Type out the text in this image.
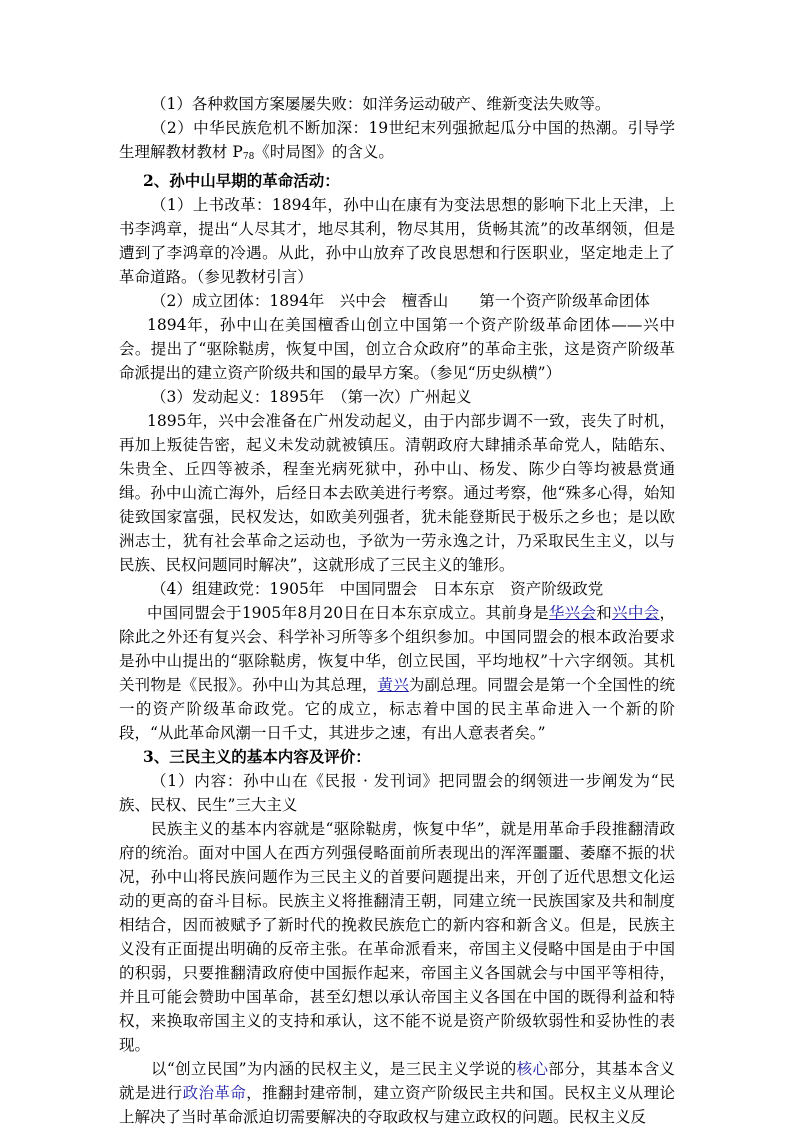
（1）各种救国方案屡屡失败：如洋务运动破产、维新变法失败等。

（2）中华民族危机不断加深：19世纪末列强掀起瓜分中国的热潮。引导学生理解教材教材 $P_{78}$《时局图》的含义。

2、孙中山早期的革命活动：

（1）上书改革：1894年，孙中山在康有为变法思想的影响下北上天津，上书李鸿章，提出“人尽其才，地尽其利，物尽其用，货畅其流”的改革纲领，但是遭到了李鸿章的冷遇。从此，孙中山放弃了改良思想和行医职业，坚定地走上了革命道路。（参见教材引言）

（2）成立团体：1894年　兴中会　檀香山　　第一个资产阶级革命团体

1894年，孙中山在美国檀香山创立中国第一个资产阶级革命团体——兴中会。提出了“驱除鞑虏，恢复中国，创立合众政府”的革命主张，这是资产阶级革命派提出的建立资产阶级共和国的最早方案。（参见“历史纵横”）

（3）发动起义：1895年　（第一次）广州起义

1895年，兴中会准备在广州发动起义，由于内部步调不一致，丧失了时机，再加上叛徒告密，起义未发动就被镇压。清朝政府大肆捕杀革命党人，陆皓东、朱贵全、丘四等被杀，程奎光病死狱中，孙中山、杨发、陈少白等均被悬赏通缉。孙中山流亡海外，后经日本去欧美进行考察。通过考察，他“殊多心得，始知徒致国家富强，民权发达，如欧美列强者，犹未能登斯民于极乐之乡也；是以欧洲志士，犹有社会革命之运动也，予欲为一劳永逸之计，乃采取民生主义，以与民族、民权问题同时解决”，这就形成了三民主义的雏形。

（4）组建政党：1905年　中国同盟会　日本东京　资产阶级政党

中国同盟会于1905年8月20日在日本东京成立。其前身是华兴会和兴中会，除此之外还有复兴会、科学补习所等多个组织参加。中国同盟会的根本政治要求是孙中山提出的“驱除鞑虏，恢复中华，创立民国，平均地权”十六字纲领。其机关刊物是《民报》。孙中山为其总理，黄兴为副总理。同盟会是第一个全国性的统一的资产阶级革命政党。它的成立，标志着中国的民主革命进入一个新的阶段，“从此革命风潮一日千丈，其进步之速，有出人意表者矣。”

3、三民主义的基本内容及评价：

（1）内容：孙中山在《民报 · 发刊词》把同盟会的纲领进一步阐发为“民族、民权、民生”三大主义

民族主义的基本内容就是“驱除鞑虏，恢复中华”，就是用革命手段推翻清政府的统治。面对中国人在西方列强侵略面前所表现出的浑浑噩噩、萎靡不振的状况，孙中山将民族问题作为三民主义的首要问题提出来，开创了近代思想文化运动的更高的奋斗目标。民族主义将推翻清王朝，同建立统一民族国家及共和制度相结合，因而被赋予了新时代的挽救民族危亡的新内容和新含义。但是，民族主义没有正面提出明确的反帝主张。在革命派看来，帝国主义侵略中国是由于中国的积弱，只要推翻清政府使中国振作起来，帝国主义各国就会与中国平等相待，并且可能会赞助中国革命，甚至幻想以承认帝国主义各国在中国的既得利益和特权，来换取帝国主义的支持和承认，这不能不说是资产阶级软弱性和妥协性的表现。

以“创立民国”为内涵的民权主义，是三民主义学说的核心部分，其基本含义就是进行政治革命，推翻封建帝制，建立资产阶级民主共和国。民权主义从理论上解决了当时革命派迫切需要解决的夺取政权与建立政权的问题。民权主义反
